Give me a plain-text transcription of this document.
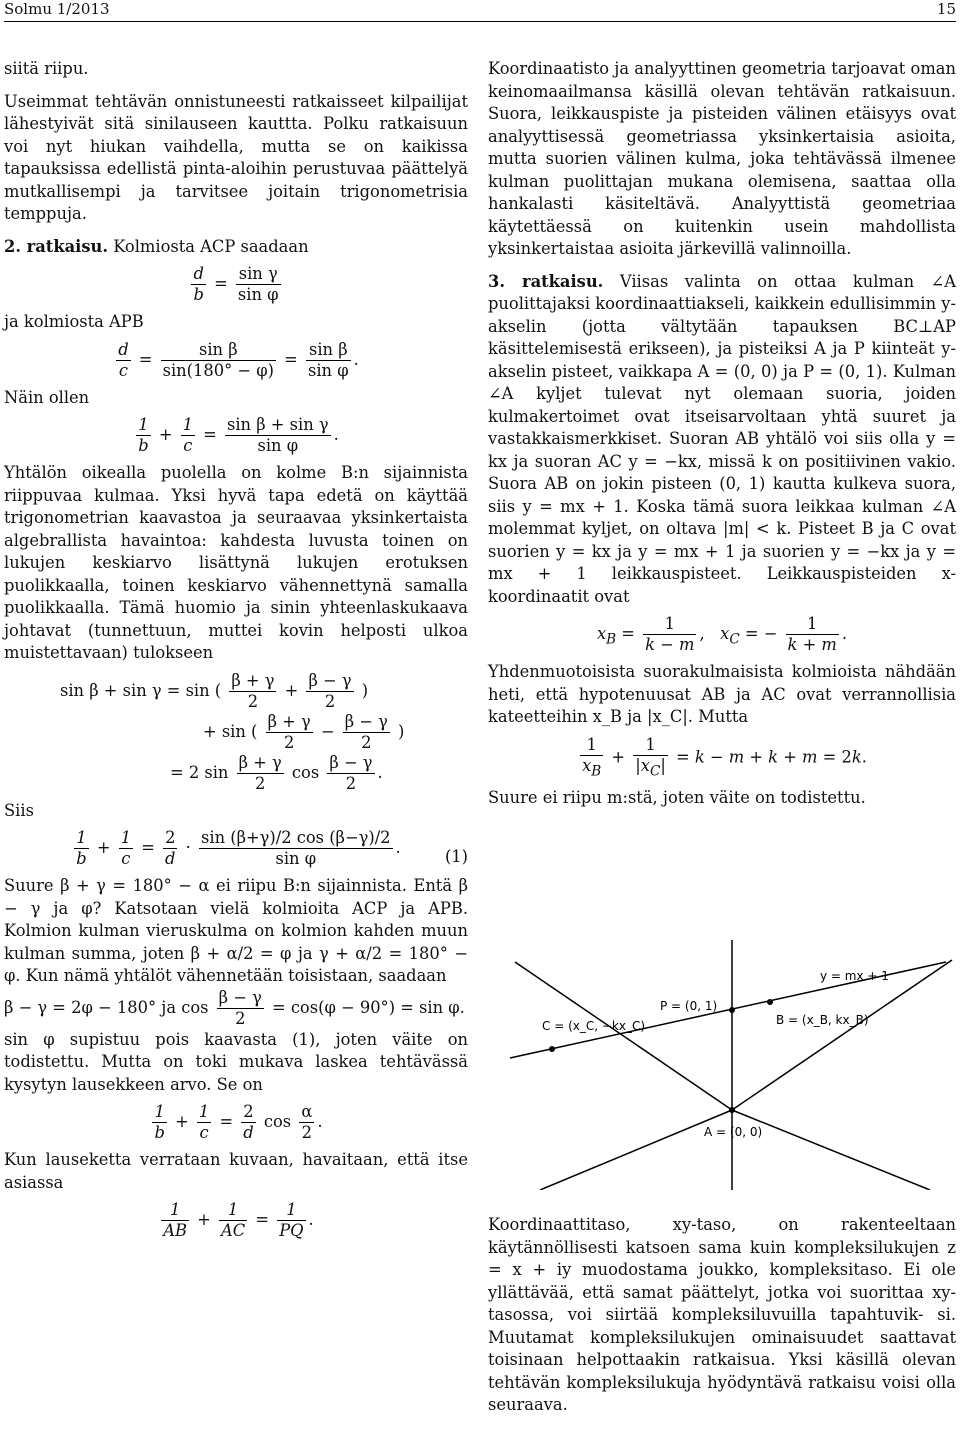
Solmu 1/2013	15

siitä riipu.

Useimmat tehtävän onnistuneesti ratkaisseet kilpailijat lähestyivät sitä sinilauseen kauttta. Polku ratkaisuun voi nyt hiukan vaihdella, mutta se on kaikissa tapauksissa edellistä pinta-aloihin perustuvaa päättelyä mutkallisempi ja tarvitsee joitain trigonometrisia temppuja.

2. ratkaisu. Kolmiosta ACP saadaan

$\frac{d}{b} = \frac{\text{sin γ}}{\text{sin φ}}$

ja kolmiosta APB

$\frac{d}{c} = \frac{\text{sin β}}{\sin(180^\circ - \varphi)} = \frac{\text{sin β}}{\text{sin φ}}$ .

Näin ollen

$\frac{1}{b} + \frac{1}{c} = \frac{\text{sin β + sin γ}}{\text{sin φ}}$ .

Yhtälön oikealla puolella on kolme B:n sijainnista riippuvaa kulmaa. Yksi hyvä tapa edetä on käyttää trigonometrian kaavastoa ja seuraavaa yksinkertaista algebrallista havaintoa: kahdesta luvusta toinen on lukujen keskiarvo lisättynä lukujen erotuksen puolikkaalla, toinen keskiarvo vähennettynä samalla puolikkaalla. Tämä huomio ja sinin yhteenlaskukaava johtavat (tunnettuun, muttei kovin helposti ulkoa muistettavaan) tulokseen

sin β + sin γ = sin ( $\frac{\beta + \gamma}{2} + \frac{\beta - \gamma}{2}$ )
+ sin ( $\frac{\beta + \gamma}{2} - \frac{\beta - \gamma}{2}$ )
= 2 $\sin \frac{\beta + \gamma}{2}$ $\cos \frac{\beta - \gamma}{2}$ .

Siis

$\frac{1}{b} + \frac{1}{c} = \frac{2}{d} \cdot \frac{\sin (\beta+\gamma)/2 \cos (\beta-\gamma)/2}{\text{sin φ}}$ .	(1)

Suure β + γ = 180° − α ei riipu B:n sijainnista. Entä β − γ ja φ? Katsotaan vielä kolmioita ACP ja APB. Kolmion kulman vieruskulma on kolmion kahden muun kulman summa, joten β + α/2 = φ ja γ + α/2 = 180° − φ. Kun nämä yhtälöt vähennetään toisistaan, saadaan

β − γ = 2φ − 180° ja $\cos \frac{\beta - \gamma}{2} = \cos(\varphi - 90^\circ) = \sin \varphi$.

sin φ supistuu pois kaavasta (1), joten väite on todistettu. Mutta on toki mukava laskea tehtävässä kysytyn lausekkeen arvo. Se on

$\frac{1}{b} + \frac{1}{c} = \frac{2}{d}$ $\cos \frac{\alpha}{2}$ .

Kun lauseketta verrataan kuvaan, havaitaan, että itse asiassa

$\frac{1}{AB} + \frac{1}{AC} = \frac{1}{PQ}$ .

Koordinaatisto ja analyyttinen geometria tarjoavat oman keinomaailmansa käsillä olevan tehtävän ratkaisuun. Suora, leikkauspiste ja pisteiden välinen etäisyys ovat analyyttisessä geometriassa yksinkertaisia asioita, mutta suorien välinen kulma, joka tehtävässä ilmenee kulman puolittajan mukana olemisena, saattaa olla hankalasti käsiteltävä. Analyyttistä geometriaa käytettäessä on kuitenkin usein mahdollista yksinkertaistaa asioita järkevillä valinnoilla.

3. ratkaisu. Viisas valinta on ottaa kulman ∠A puolittajaksi koordinaattiakseli, kaikkein edullisimmin y-akselin (jotta vältytään tapauksen BC⊥AP käsittelemisestä erikseen), ja pisteiksi A ja P kiinteät y-akselin pisteet, vaikkapa A = (0, 0) ja P = (0, 1). Kulman ∠A kyljet tulevat nyt olemaan suoria, joiden kulmakertoimet ovat itseisarvoltaan yhtä suuret ja vastakkaismerkkiset. Suoran AB yhtälö voi siis olla y = kx ja suoran AC y = −kx, missä k on positiivinen vakio. Suora AB on jokin pisteen (0, 1) kautta kulkeva suora, siis y = mx + 1. Koska tämä suora leikkaa kulman ∠A molemmat kyljet, on oltava |m| < k. Pisteet B ja C ovat suorien y = kx ja y = mx + 1 ja suorien y = −kx ja y = mx + 1 leikkauspisteet. Leikkauspisteiden x-koordinaatit ovat

$x_B = \frac{1}{k - m}$ ,   $x_C$ = − $\frac{1}{k + m}$ .

Yhdenmuotoisista suorakulmaisista kolmioista nähdään heti, että hypotenuusat AB ja AC ovat verrannollisia kateetteihin x_B ja |x_C|. Mutta

$\frac{1}{x_B} + \frac{1}{|x_C|} = k - m + k + m = 2k$.

Suure ei riipu m:stä, joten väite on todistettu.

y = mx + 1
P = (0, 1)
C = (x_C, −kx_C)	B = (x_B, kx_B)
A = (0, 0)

Koordinaattitaso, xy-taso, on rakenteeltaan käytännöllisesti katsoen sama kuin kompleksilukujen z = x + iy muodostama joukko, kompleksitaso. Ei ole yllättävää, että samat päättelyt, jotka voi suorittaa xy-tasossa, voi siirtää kompleksiluvuilla tapahtuvik- si. Muutamat kompleksilukujen ominaisuudet saattavat toisinaan helpottaakin ratkaisua. Yksi käsillä olevan tehtävän kompleksilukuja hyödyntävä ratkaisu voisi olla seuraava.
